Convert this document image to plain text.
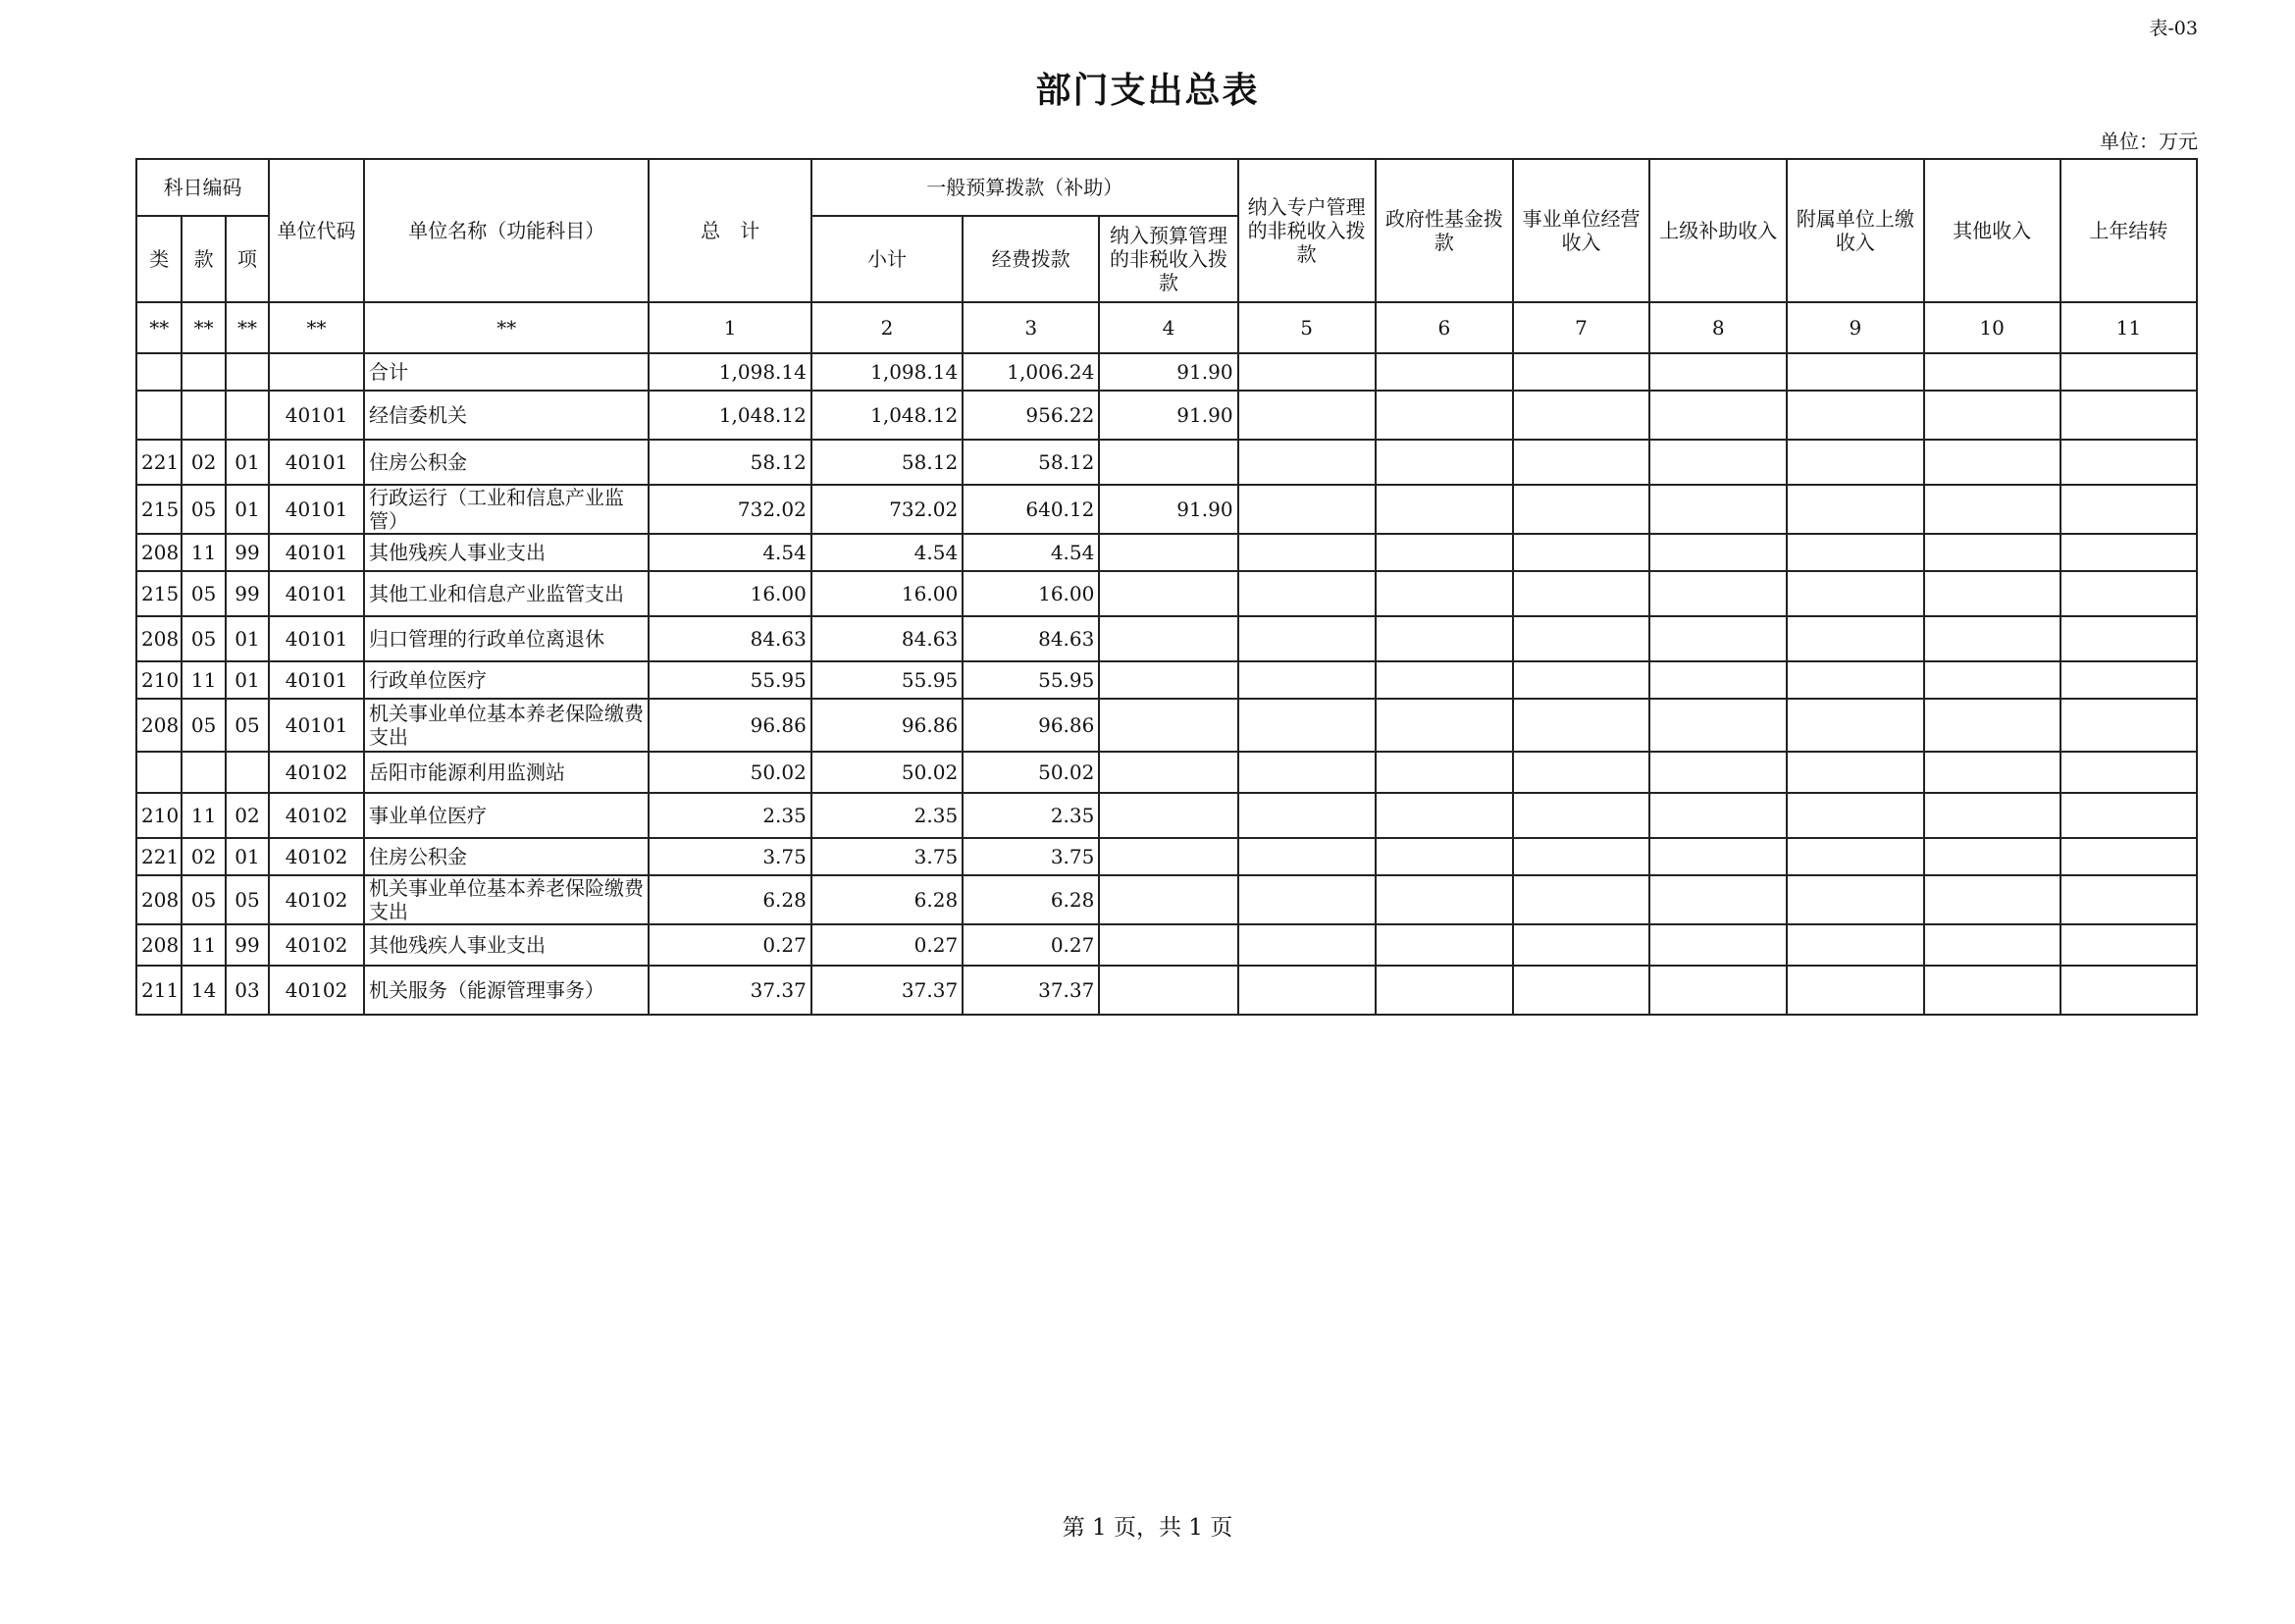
表-03
部门支出总表
单位：万元
科日编码			单位代码	单位名称（功能科目）	总　计	一般预算拨款（补助）			纳入专户管理的非税收入拨款	政府性基金拨款	事业单位经营收入	上级补助收入	附属单位上缴收入	其他收入	上年结转
类	款	项				小计	经费拨款	纳入预算管理的非税收入拨款							
**	**	**	**	**	1	2	3	4	5	6	7	8	9	10	11
				合计	1,098.14	1,098.14	1,006.24	91.90							
			40101	经信委机关	1,048.12	1,048.12	956.22	91.90							
221	02	01	40101	住房公积金	58.12	58.12	58.12								
215	05	01	40101	行政运行（工业和信息产业监管）	732.02	732.02	640.12	91.90							
208	11	99	40101	其他残疾人事业支出	4.54	4.54	4.54								
215	05	99	40101	其他工业和信息产业监管支出	16.00	16.00	16.00								
208	05	01	40101	归口管理的行政单位离退休	84.63	84.63	84.63								
210	11	01	40101	行政单位医疗	55.95	55.95	55.95								
208	05	05	40101	机关事业单位基本养老保险缴费支出	96.86	96.86	96.86								
			40102	岳阳市能源利用监测站	50.02	50.02	50.02								
210	11	02	40102	事业单位医疗	2.35	2.35	2.35								
221	02	01	40102	住房公积金	3.75	3.75	3.75								
208	05	05	40102	机关事业单位基本养老保险缴费支出	6.28	6.28	6.28								
208	11	99	40102	其他残疾人事业支出	0.27	0.27	0.27								
211	14	03	40102	机关服务（能源管理事务）	37.37	37.37	37.37								
第 1 页，共 1 页
